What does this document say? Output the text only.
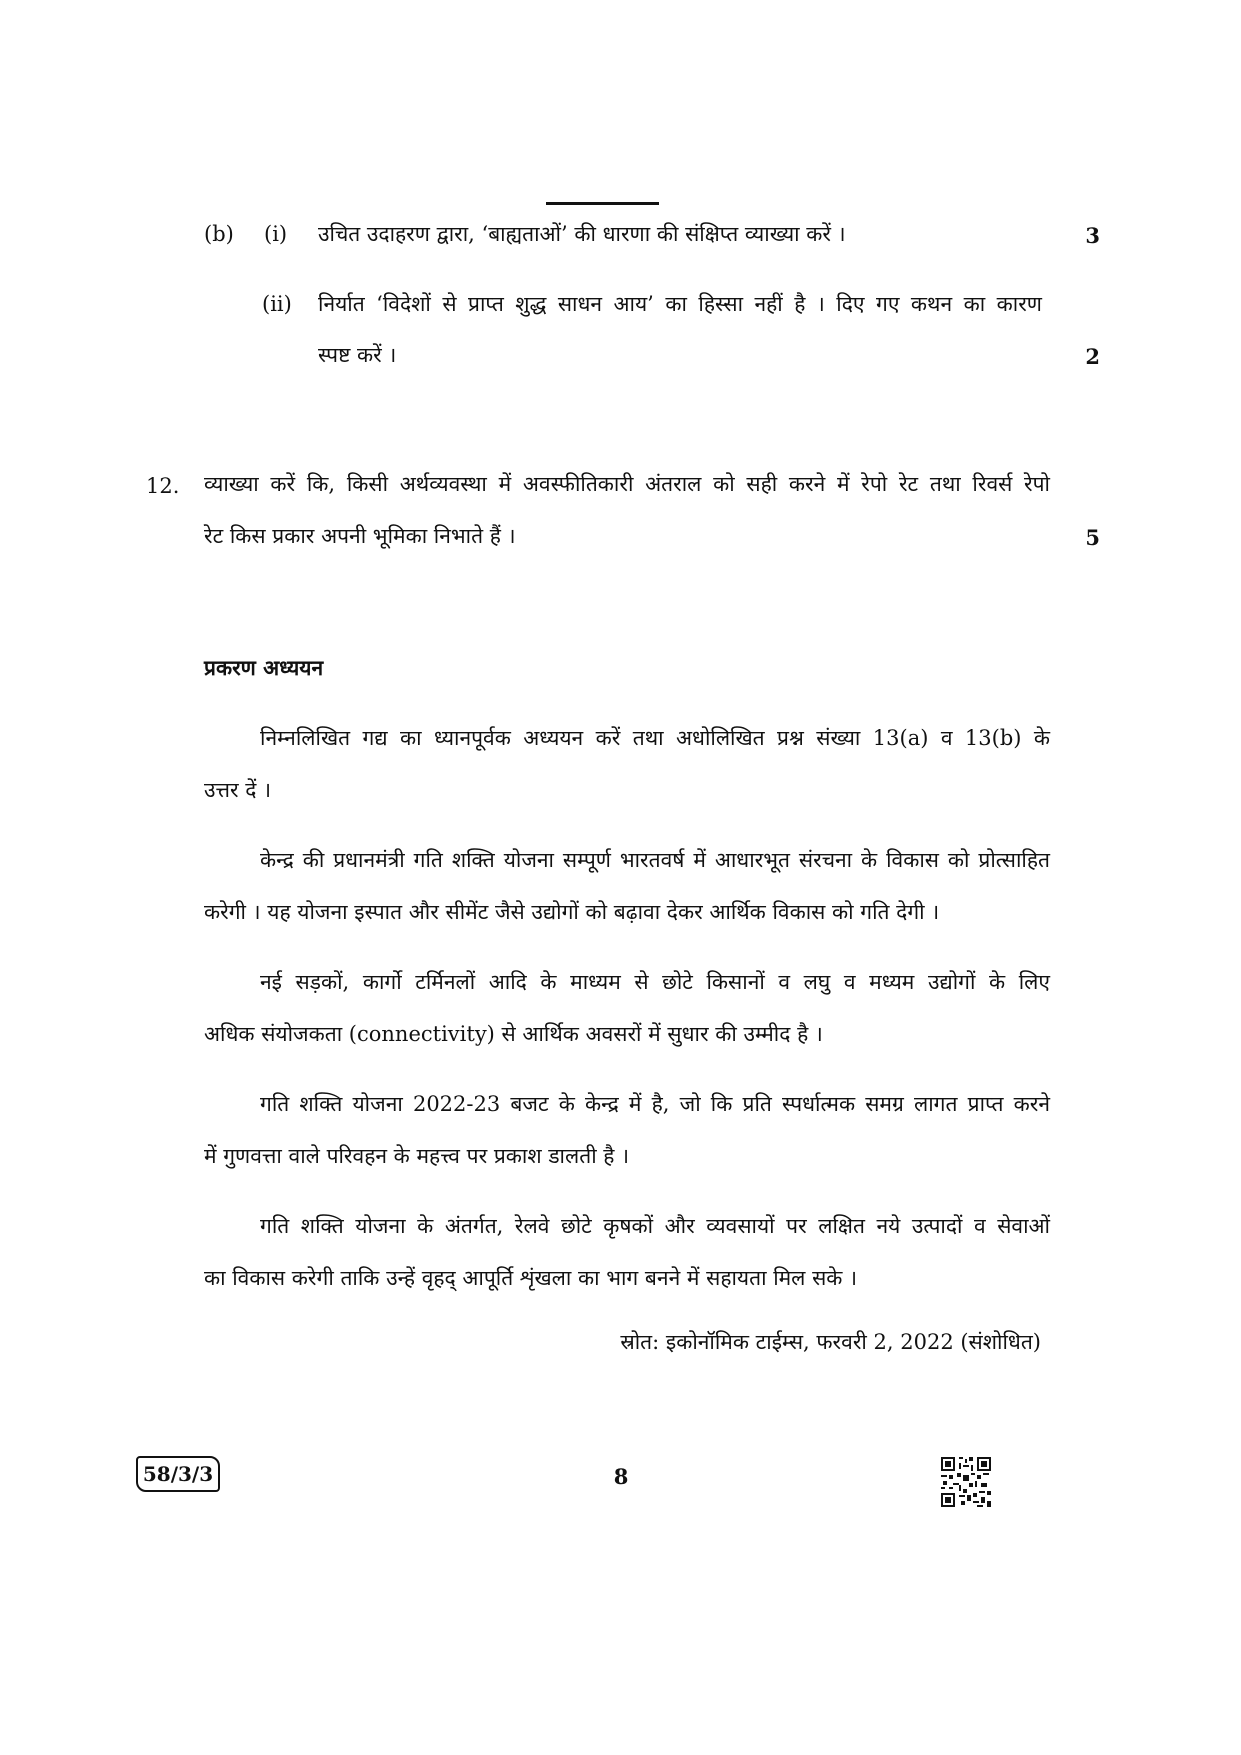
(b) (i) उचित उदाहरण द्वारा, ‘बाह्यताओं’ की धारणा की संक्षिप्त व्याख्या करें ।	3
(ii) निर्यात ‘विदेशों से प्राप्त शुद्ध साधन आय’ का हिस्सा नहीं है । दिए गए कथन का कारण
स्पष्ट करें ।	2
12. व्याख्या करें कि, किसी अर्थव्यवस्था में अवस्फीतिकारी अंतराल को सही करने में रेपो रेट तथा रिवर्स रेपो
रेट किस प्रकार अपनी भूमिका निभाते हैं ।	5
प्रकरण अध्ययन
निम्नलिखित गद्य का ध्यानपूर्वक अध्ययन करें तथा अधोलिखित प्रश्न संख्या 13(a) व 13(b) के
उत्तर दें ।
केन्द्र की प्रधानमंत्री गति शक्ति योजना सम्पूर्ण भारतवर्ष में आधारभूत संरचना के विकास को प्रोत्साहित
करेगी । यह योजना इस्पात और सीमेंट जैसे उद्योगों को बढ़ावा देकर आर्थिक विकास को गति देगी ।
नई सड़कों, कार्गो टर्मिनलों आदि के माध्यम से छोटे किसानों व लघु व मध्यम उद्योगों के लिए
अधिक संयोजकता (connectivity) से आर्थिक अवसरों में सुधार की उम्मीद है ।
गति शक्ति योजना 2022-23 बजट के केन्द्र में है, जो कि प्रति स्पर्धात्मक समग्र लागत प्राप्त करने
में गुणवत्ता वाले परिवहन के महत्त्व पर प्रकाश डालती है ।
गति शक्ति योजना के अंतर्गत, रेलवे छोटे कृषकों और व्यवसायों पर लक्षित नये उत्पादों व सेवाओं
का विकास करेगी ताकि उन्हें वृहद् आपूर्ति शृंखला का भाग बनने में सहायता मिल सके ।
स्रोत: इकोनॉमिक टाईम्स, फरवरी 2, 2022 (संशोधित)
58/3/3	8
